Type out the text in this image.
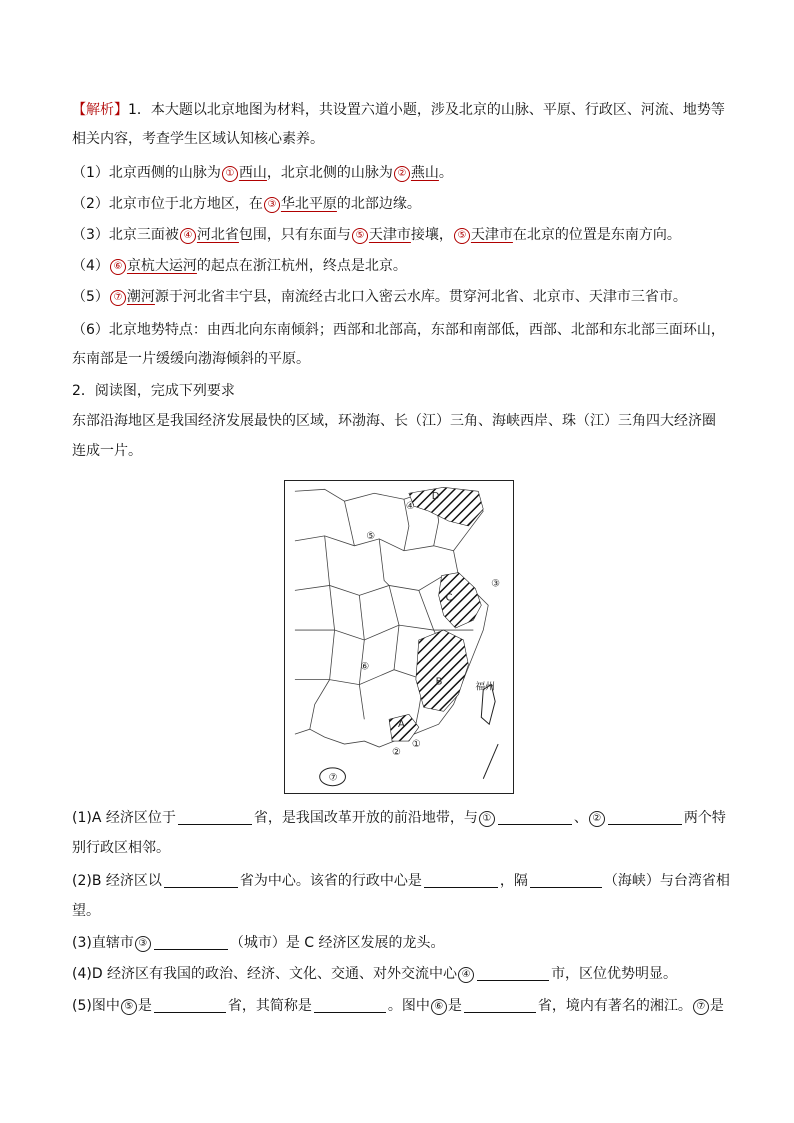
【解析】1．本大题以北京地图为材料，共设置六道小题，涉及北京的山脉、平原、行政区、河流、地势等
相关内容，考查学生区域认知核心素养。
（1）北京西侧的山脉为 ① 西山，北京北侧的山脉为 ② 燕山。
（2）北京市位于北方地区，在 ③ 华北平原的北部边缘。
（3）北京三面被 ④ 河北省包围，只有东面与 ⑤ 天津市接壤， ⑤ 天津市在北京的位置是东南方向。
（4） ⑥ 京杭大运河的起点在浙江杭州，终点是北京。
（5） ⑦ 潮河源于河北省丰宁县，南流经古北口入密云水库。贯穿河北省、北京市、天津市三省市。
（6）北京地势特点：由西北向东南倾斜；西部和北部高，东部和南部低，西部、北部和东北部三面环山，
东南部是一片缓缓向渤海倾斜的平原。
2．阅读图，完成下列要求
东部沿海地区是我国经济发展最快的区域，环渤海、长（江）三角、海峡西岸、珠（江）三角四大经济圈
连成一片。
D
④
⑤
C
③
⑥
B	福州
A
①
②
⑦
(1)A 经济区位于	省，是我国改革开放的前沿地带，与 ①	、 ②	两个特
别行政区相邻。
(2)B 经济区以	省为中心。该省的行政中心是	，隔	（海峡）与台湾省相
望。
(3)直辖市 ③	（城市）是 C 经济区发展的龙头。
(4)D 经济区有我国的政治、经济、文化、交通、对外交流中心 ④	市，区位优势明显。
(5)图中 ⑤ 是	省，其简称是	。图中 ⑥ 是	省，境内有著名的湘江。 ⑦ 是
